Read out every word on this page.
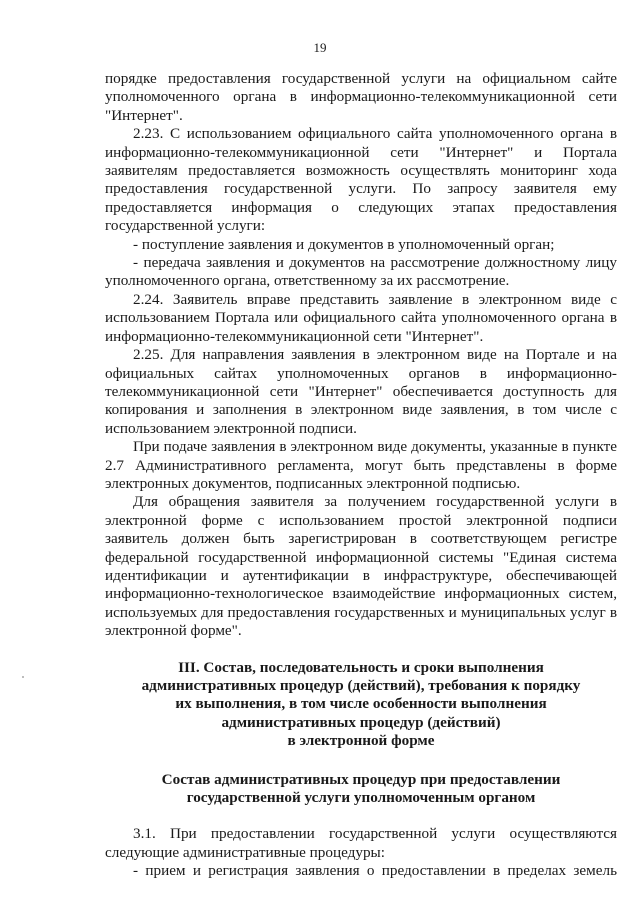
19

порядке предоставления государственной услуги на официальном сайте уполномоченного органа в информационно-телекоммуникационной сети "Интернет".

2.23. С использованием официального сайта уполномоченного органа в информационно-телекоммуникационной сети "Интернет" и Портала заявителям предоставляется возможность осуществлять мониторинг хода предоставления государственной услуги. По запросу заявителя ему предоставляется информация о следующих этапах предоставления государственной услуги:

- поступление заявления и документов в уполномоченный орган;

- передача заявления и документов на рассмотрение должностному лицу уполномоченного органа, ответственному за их рассмотрение.

2.24. Заявитель вправе представить заявление в электронном виде с использованием Портала или официального сайта уполномоченного органа в информационно-телекоммуникационной сети "Интернет".

2.25. Для направления заявления в электронном виде на Портале и на официальных сайтах уполномоченных органов в информационно-телекоммуникационной сети "Интернет" обеспечивается доступность для копирования и заполнения в электронном виде заявления, в том числе с использованием электронной подписи.

При подаче заявления в электронном виде документы, указанные в пункте 2.7 Административного регламента, могут быть представлены в форме электронных документов, подписанных электронной подписью.

Для обращения заявителя за получением государственной услуги в электронной форме с использованием простой электронной подписи заявитель должен быть зарегистрирован в соответствующем регистре федеральной государственной информационной системы "Единая система идентификации и аутентификации в инфраструктуре, обеспечивающей информационно-технологическое взаимодействие информационных систем, используемых для предоставления государственных и муниципальных услуг в электронной форме".

III. Состав, последовательность и сроки выполнения

административных процедур (действий), требования к порядку

их выполнения, в том числе особенности выполнения

административных процедур (действий)

в электронной форме

Состав административных процедур при предоставлении

государственной услуги уполномоченным органом

3.1. При предоставлении государственной услуги осуществляются следующие административные процедуры:

- прием и регистрация заявления о предоставлении в пределах земель
